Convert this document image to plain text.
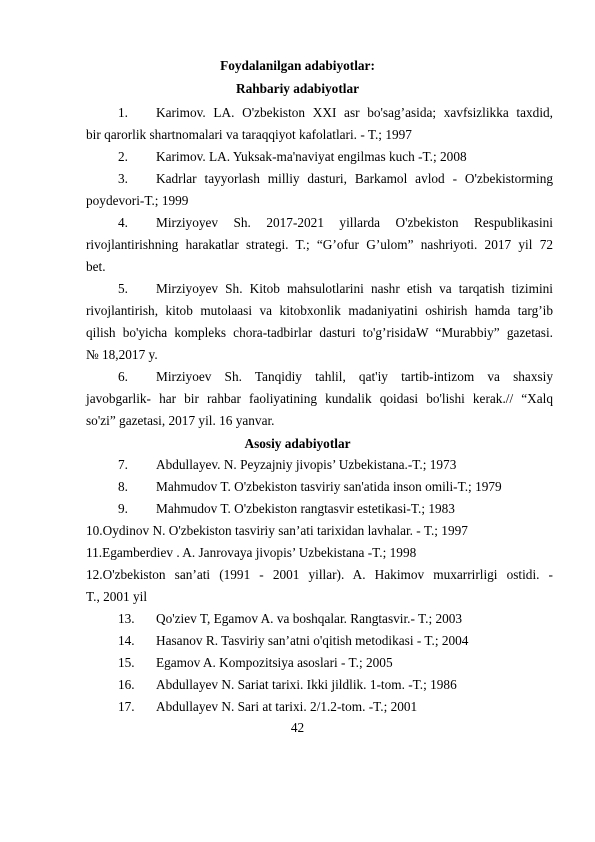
Foydalanilgan adabiyotlar:
Rahbariy adabiyotlar
1. Karimov. LA. O'zbekiston XXI asr bo'sag’asida; xavfsizlikka taxdid,
bir qarorlik shartnomalari va taraqqiyot kafolatlari. - T.; 1997
2. Karimov. LA. Yuksak-ma'naviyat engilmas kuch -T.; 2008
3. Kadrlar tayyorlash milliy dasturi, Barkamol avlod - O'zbekistorming
poydevori-T.; 1999
4. Mirziyoyev Sh. 2017-2021 yillarda O'zbekiston Respublikasini
rivojlantirishning harakatlar strategi. T.; “G’ofur G’ulom” nashriyoti. 2017 yil 72
bet.
5. Mirziyoyev Sh. Kitob mahsulotlarini nashr etish va tarqatish tizimini
rivojlantirish, kitob mutolaasi va kitobxonlik madaniyatini oshirish hamda targ’ib
qilish bo'yicha kompleks chora-tadbirlar dasturi to'g’risidaW “Murabbiy” gazetasi.
№ 18,2017 y.
6. Mirziyoev Sh. Tanqidiy tahlil, qat'iy tartib-intizom va shaxsiy
javobgarlik- har bir rahbar faoliyatining kundalik qoidasi bo'lishi kerak.// “Xalq
so'zi” gazetasi, 2017 yil. 16 yanvar.
Asosiy adabiyotlar
7. Abdullayev. N. Peyzajniy jivopis’ Uzbekistana.-T.; 1973
8. Mahmudov T. O'zbekiston tasviriy san'atida inson omili-T.; 1979
9. Mahmudov T. O'zbekiston rangtasvir estetikasi-T.; 1983
10.Oydinov N. O'zbekiston tasviriy san’ati tarixidan lavhalar. - T.; 1997
11.Egamberdiev . A. Janrovaya jivopis’ Uzbekistana -T.; 1998
12.O'zbekiston san’ati (1991 - 2001 yillar). A. Hakimov muxarrirligi ostidi. -
T., 2001 yil
13. Qo'ziev T, Egamov A. va boshqalar. Rangtasvir.- T.; 2003
14. Hasanov R. Tasviriy san’atni o'qitish metodikasi - T.; 2004
15. Egamov A. Kompozitsiya asoslari - T.; 2005
16. Abdullayev N. Sariat tarixi. Ikki jildlik. 1-tom. -T.; 1986
17. Abdullayev N. Sari at tarixi. 2/1.2-tom. -T.; 2001
42
